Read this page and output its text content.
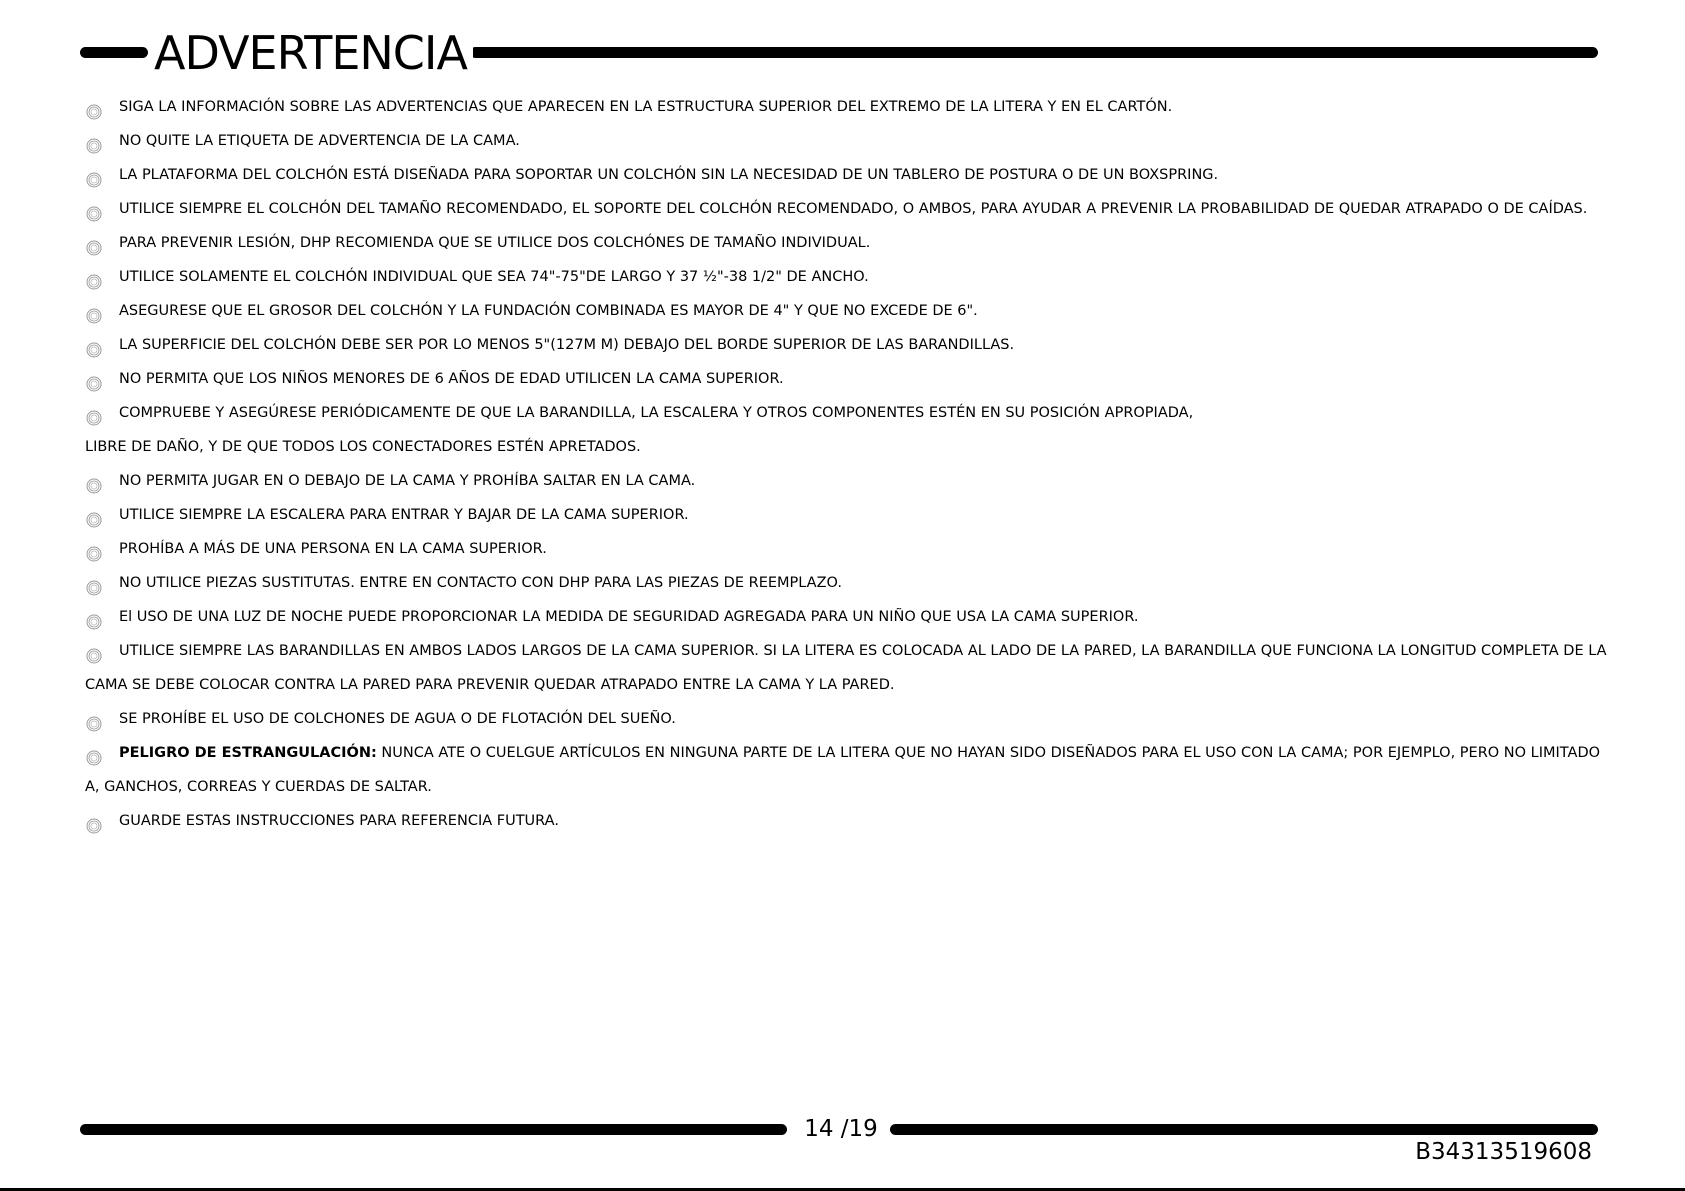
ADVERTENCIA
SIGA LA INFORMACIÓN SOBRE LAS ADVERTENCIAS QUE APARECEN EN LA ESTRUCTURA SUPERIOR DEL EXTREMO DE LA LITERA Y EN EL CARTÓN.
NO QUITE LA ETIQUETA DE ADVERTENCIA DE LA CAMA.
LA PLATAFORMA DEL COLCHÓN ESTÁ DISEÑADA PARA SOPORTAR UN COLCHÓN SIN LA NECESIDAD DE UN TABLERO DE POSTURA O DE UN BOXSPRING.
UTILICE SIEMPRE EL COLCHÓN DEL TAMAÑO RECOMENDADO, EL SOPORTE DEL COLCHÓN RECOMENDADO, O AMBOS, PARA AYUDAR A PREVENIR LA PROBABILIDAD DE QUEDAR ATRAPADO O DE CAÍDAS.
PARA PREVENIR LESIÓN, DHP RECOMIENDA QUE SE UTILICE DOS COLCHÓNES DE TAMAÑO INDIVIDUAL.
UTILICE SOLAMENTE EL COLCHÓN INDIVIDUAL QUE SEA 74"-75"DE LARGO Y 37 ½"-38 1/2" DE ANCHO.
ASEGURESE QUE EL GROSOR DEL COLCHÓN Y LA FUNDACIÓN COMBINADA ES MAYOR DE 4" Y QUE NO EXCEDE DE 6".
LA SUPERFICIE DEL COLCHÓN DEBE SER POR LO MENOS 5"(127M M) DEBAJO DEL BORDE SUPERIOR DE LAS BARANDILLAS.
NO PERMITA QUE LOS NIÑOS MENORES DE 6 AÑOS DE EDAD UTILICEN LA CAMA SUPERIOR.
COMPRUEBE Y ASEGÚRESE PERIÓDICAMENTE DE QUE LA BARANDILLA, LA ESCALERA Y OTROS COMPONENTES ESTÉN EN SU POSICIÓN APROPIADA,
LIBRE DE DAÑO, Y DE QUE TODOS LOS CONECTADORES ESTÉN APRETADOS.
NO PERMITA JUGAR EN O DEBAJO DE LA CAMA Y PROHÍBA SALTAR EN LA CAMA.
UTILICE SIEMPRE LA ESCALERA PARA ENTRAR Y BAJAR DE LA CAMA SUPERIOR.
PROHÍBA A MÁS DE UNA PERSONA EN LA CAMA SUPERIOR.
NO UTILICE PIEZAS SUSTITUTAS. ENTRE EN CONTACTO CON DHP PARA LAS PIEZAS DE REEMPLAZO.
El USO DE UNA LUZ DE NOCHE PUEDE PROPORCIONAR LA MEDIDA DE SEGURIDAD AGREGADA PARA UN NIÑO QUE USA LA CAMA SUPERIOR.
UTILICE SIEMPRE LAS BARANDILLAS EN AMBOS LADOS LARGOS DE LA CAMA SUPERIOR. SI LA LITERA ES COLOCADA AL LADO DE LA PARED, LA BARANDILLA QUE FUNCIONA LA LONGITUD COMPLETA DE LA
CAMA SE DEBE COLOCAR CONTRA LA PARED PARA PREVENIR QUEDAR ATRAPADO ENTRE LA CAMA Y LA PARED.
SE PROHÍBE EL USO DE COLCHONES DE AGUA O DE FLOTACIÓN DEL SUEÑO.
PELIGRO DE ESTRANGULACIÓN: NUNCA ATE O CUELGUE ARTÍCULOS EN NINGUNA PARTE DE LA LITERA QUE NO HAYAN SIDO DISEÑADOS PARA EL USO CON LA CAMA; POR EJEMPLO, PERO NO LIMITADO
A, GANCHOS, CORREAS Y CUERDAS DE SALTAR.
GUARDE ESTAS INSTRUCCIONES PARA REFERENCIA FUTURA.
14 /19
B34313519608
